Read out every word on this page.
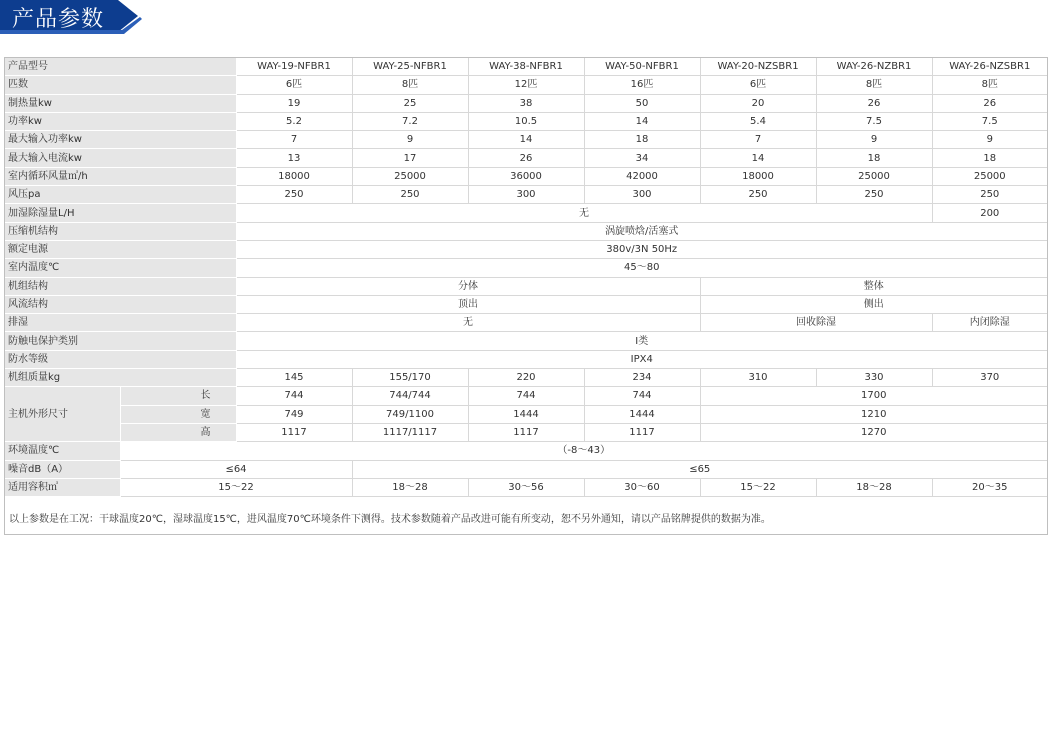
产品参数
产品型号		WAY-19-NFBR1	WAY-25-NFBR1	WAY-38-NFBR1	WAY-50-NFBR1	WAY-20-NZSBR1	WAY-26-NZBR1	WAY-26-NZSBR1
匹数		6匹	8匹	12匹	16匹	6匹	8匹	8匹
制热量kw		19	25	38	50	20	26	26
功率kw		5.2	7.2	10.5	14	5.4	7.5	7.5
最大输入功率kw		7	9	14	18	7	9	9
最大输入电流kw		13	17	26	34	14	18	18
室内循环风量㎥/h		18000	25000	36000	42000	18000	25000	25000
风压pa		250	250	300	300	250	250	250
加湿除湿量L/H		无						200
压缩机结构		涡旋喷焓/活塞式						
额定电源		380v/3N 50Hz						
室内温度℃		45～80						
机组结构		分体				整体		
风流结构		顶出				侧出		
排湿		无				回收除湿		内闭除湿
防触电保护类别		Ⅰ类						
防水等级		IPX4						
机组质量kg		145	155/170	220	234	310	330	370
主机外形尺寸	长	744	744/744	744	744	1700		
	宽	749	749/1100	1444	1444	1210		
	高	1117	1117/1117	1117	1117	1270		
环境温度℃	（-8～43）							
噪音dB（A）	≤64		≤65					
适用容积㎥	15～22		18～28	30～56	30～60	15～22	18～28	20～35
以上参数是在工况：干球温度20℃，湿球温度15℃，进风温度70℃环境条件下测得。技术参数随着产品改进可能有所变动，恕不另外通知，请以产品铭牌提供的数据为准。
